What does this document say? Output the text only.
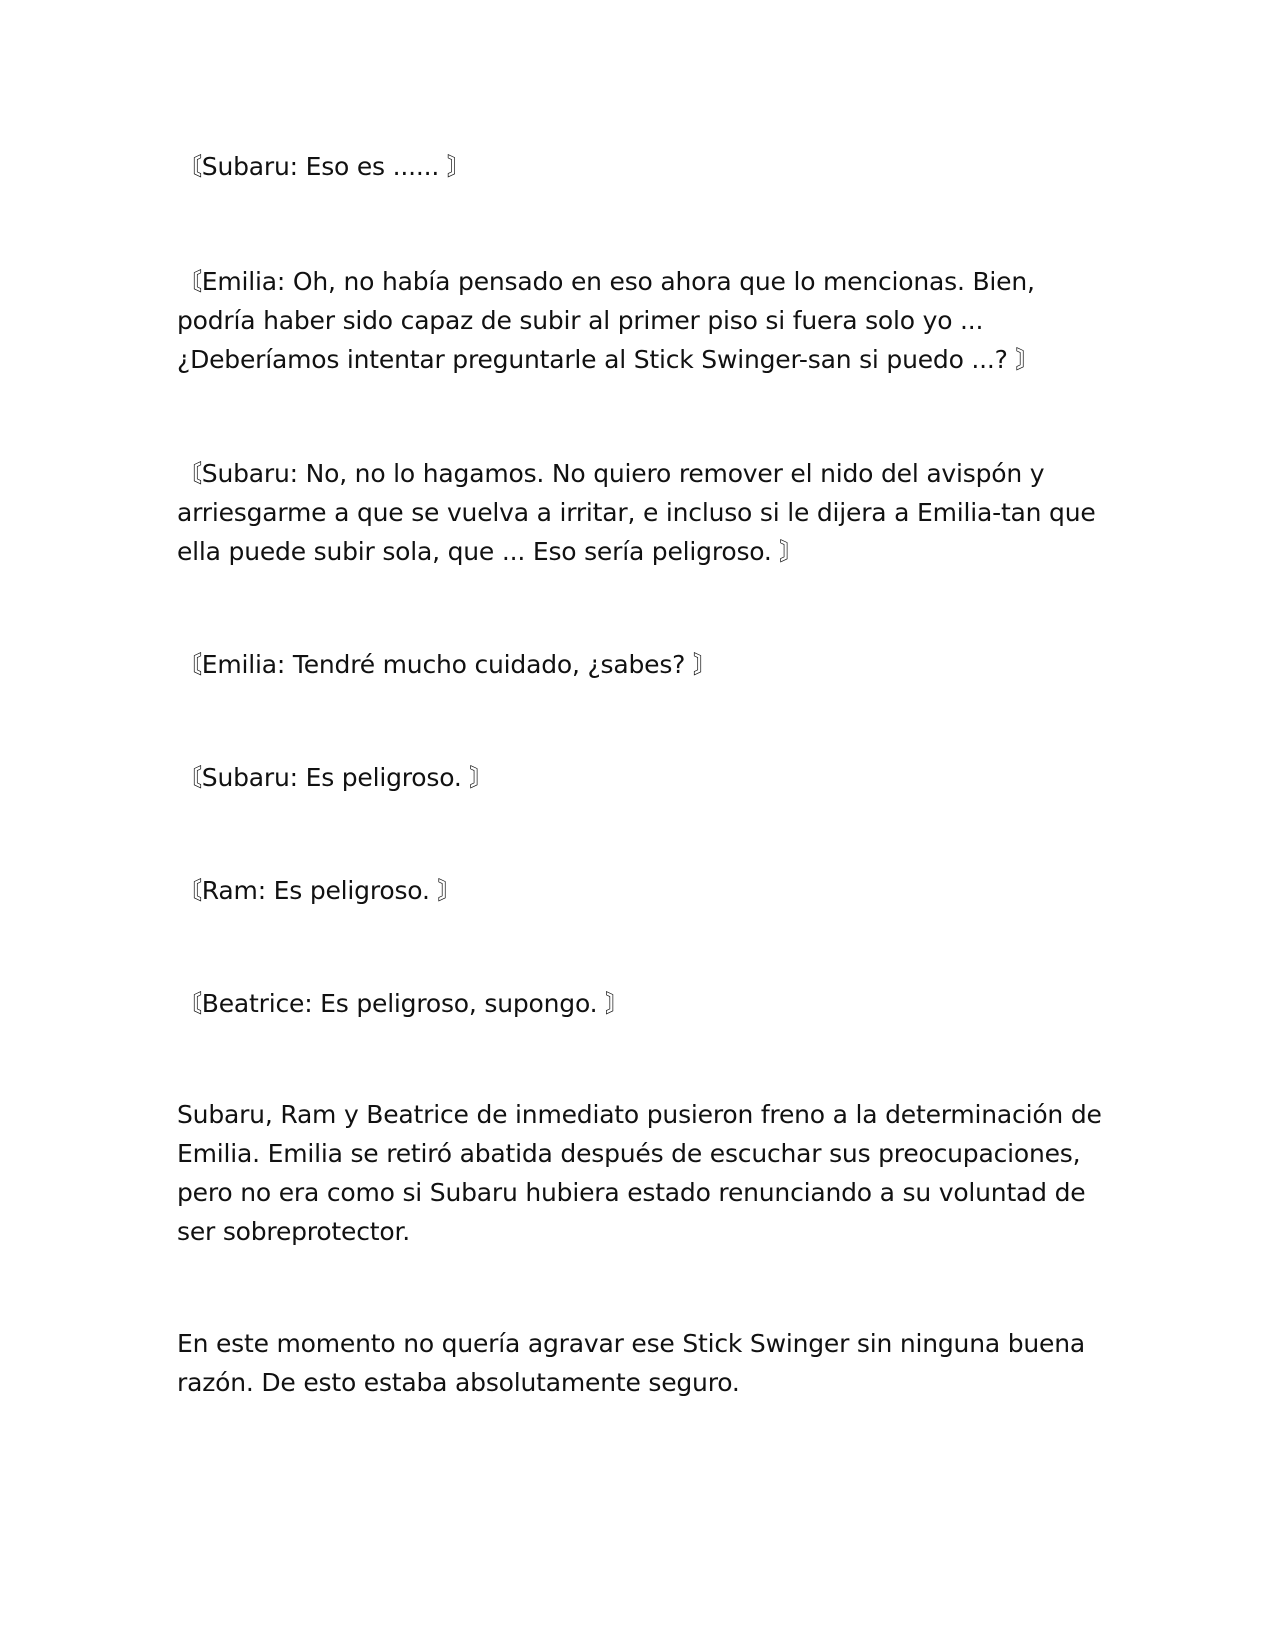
〘Subaru: Eso es ...... 〙

〘Emilia: Oh, no había pensado en eso ahora que lo mencionas. Bien, podría haber sido capaz de subir al primer piso si fuera solo yo ... ¿Deberíamos intentar preguntarle al Stick Swinger-san si puedo ...? 〙

〘Subaru: No, no lo hagamos. No quiero remover el nido del avispón y arriesgarme a que se vuelva a irritar, e incluso si le dijera a Emilia-tan que ella puede subir sola, que ... Eso sería peligroso. 〙

〘Emilia: Tendré mucho cuidado, ¿sabes? 〙

〘Subaru: Es peligroso. 〙

〘Ram: Es peligroso. 〙

〘Beatrice: Es peligroso, supongo. 〙

Subaru, Ram y Beatrice de inmediato pusieron freno a la determinación de Emilia. Emilia se retiró abatida después de escuchar sus preocupaciones, pero no era como si Subaru hubiera estado renunciando a su voluntad de ser sobreprotector.

En este momento no quería agravar ese Stick Swinger sin ninguna buena razón. De esto estaba absolutamente seguro.
